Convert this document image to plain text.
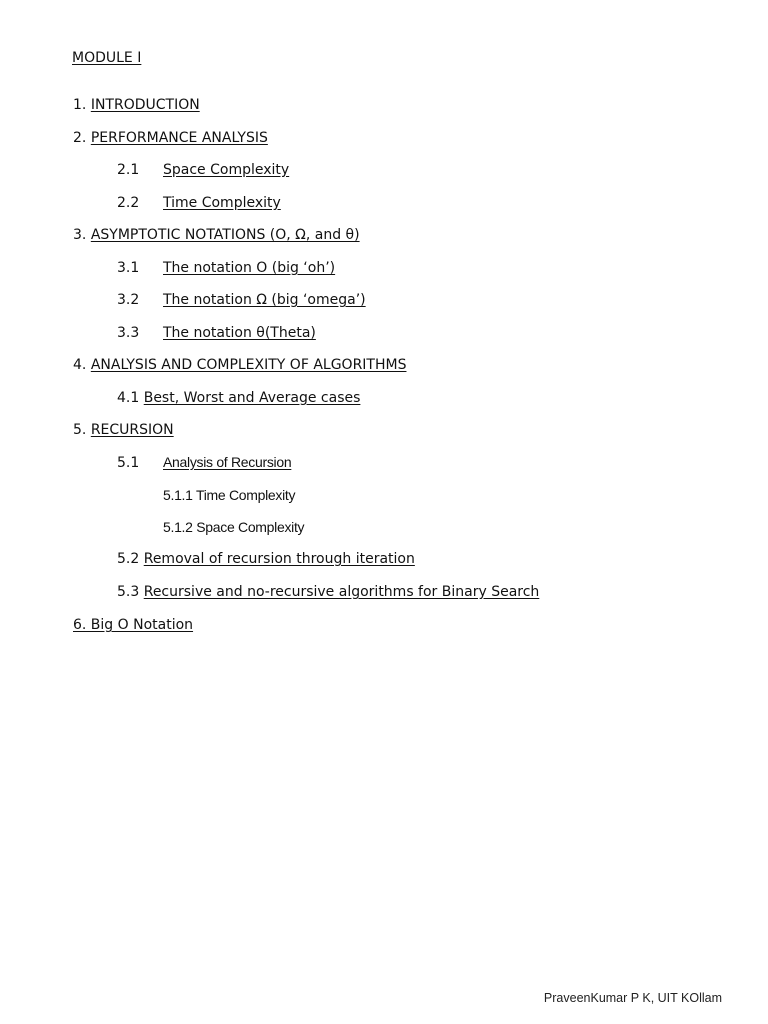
MODULE I
1. INTRODUCTION
2. PERFORMANCE ANALYSIS
2.1 Space Complexity
2.2 Time Complexity
3. ASYMPTOTIC NOTATIONS (O, Ω, and θ)
3.1 The notation O (big ‘oh’)
3.2 The notation Ω (big ‘omega’)
3.3 The notation θ(Theta)
4. ANALYSIS AND COMPLEXITY OF ALGORITHMS
4.1 Best, Worst and Average cases
5. RECURSION
5.1 Analysis of Recursion
5.1.1 Time Complexity
5.1.2 Space Complexity
5.2 Removal of recursion through iteration
5.3 Recursive and no-recursive algorithms for Binary Search
6. Big O Notation
PraveenKumar P K, UIT KOllam
